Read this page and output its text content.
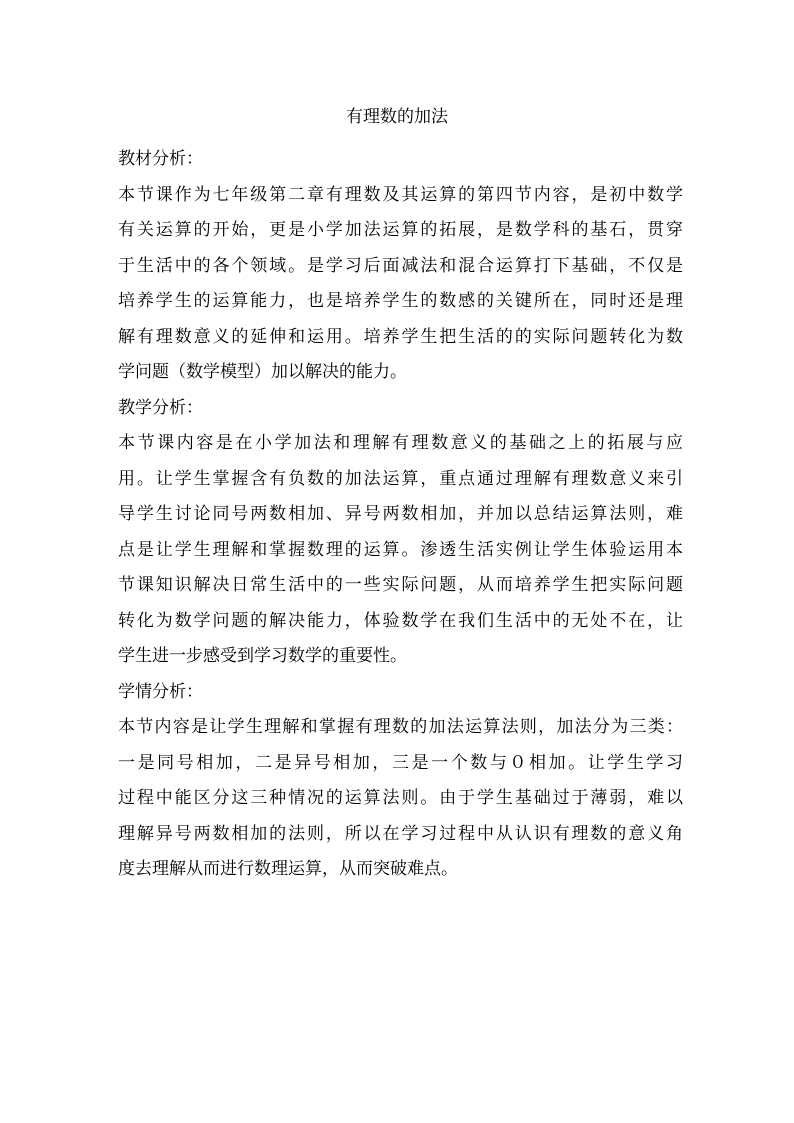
有理数的加法
教材分析：
本节课作为七年级第二章有理数及其运算的第四节内容，是初中数学
有关运算的开始，更是小学加法运算的拓展，是数学科的基石，贯穿
于生活中的各个领域。是学习后面减法和混合运算打下基础，不仅是
培养学生的运算能力，也是培养学生的数感的关键所在，同时还是理
解有理数意义的延伸和运用。培养学生把生活的的实际问题转化为数
学问题（数学模型）加以解决的能力。
教学分析：
本节课内容是在小学加法和理解有理数意义的基础之上的拓展与应
用。让学生掌握含有负数的加法运算，重点通过理解有理数意义来引
导学生讨论同号两数相加、异号两数相加，并加以总结运算法则，难
点是让学生理解和掌握数理的运算。渗透生活实例让学生体验运用本
节课知识解决日常生活中的一些实际问题，从而培养学生把实际问题
转化为数学问题的解决能力，体验数学在我们生活中的无处不在，让
学生进一步感受到学习数学的重要性。
学情分析：
本节内容是让学生理解和掌握有理数的加法运算法则，加法分为三类：
一是同号相加，二是异号相加，三是一个数与０相加。让学生学习
过程中能区分这三种情况的运算法则。由于学生基础过于薄弱，难以
理解异号两数相加的法则，所以在学习过程中从认识有理数的意义角
度去理解从而进行数理运算，从而突破难点。
